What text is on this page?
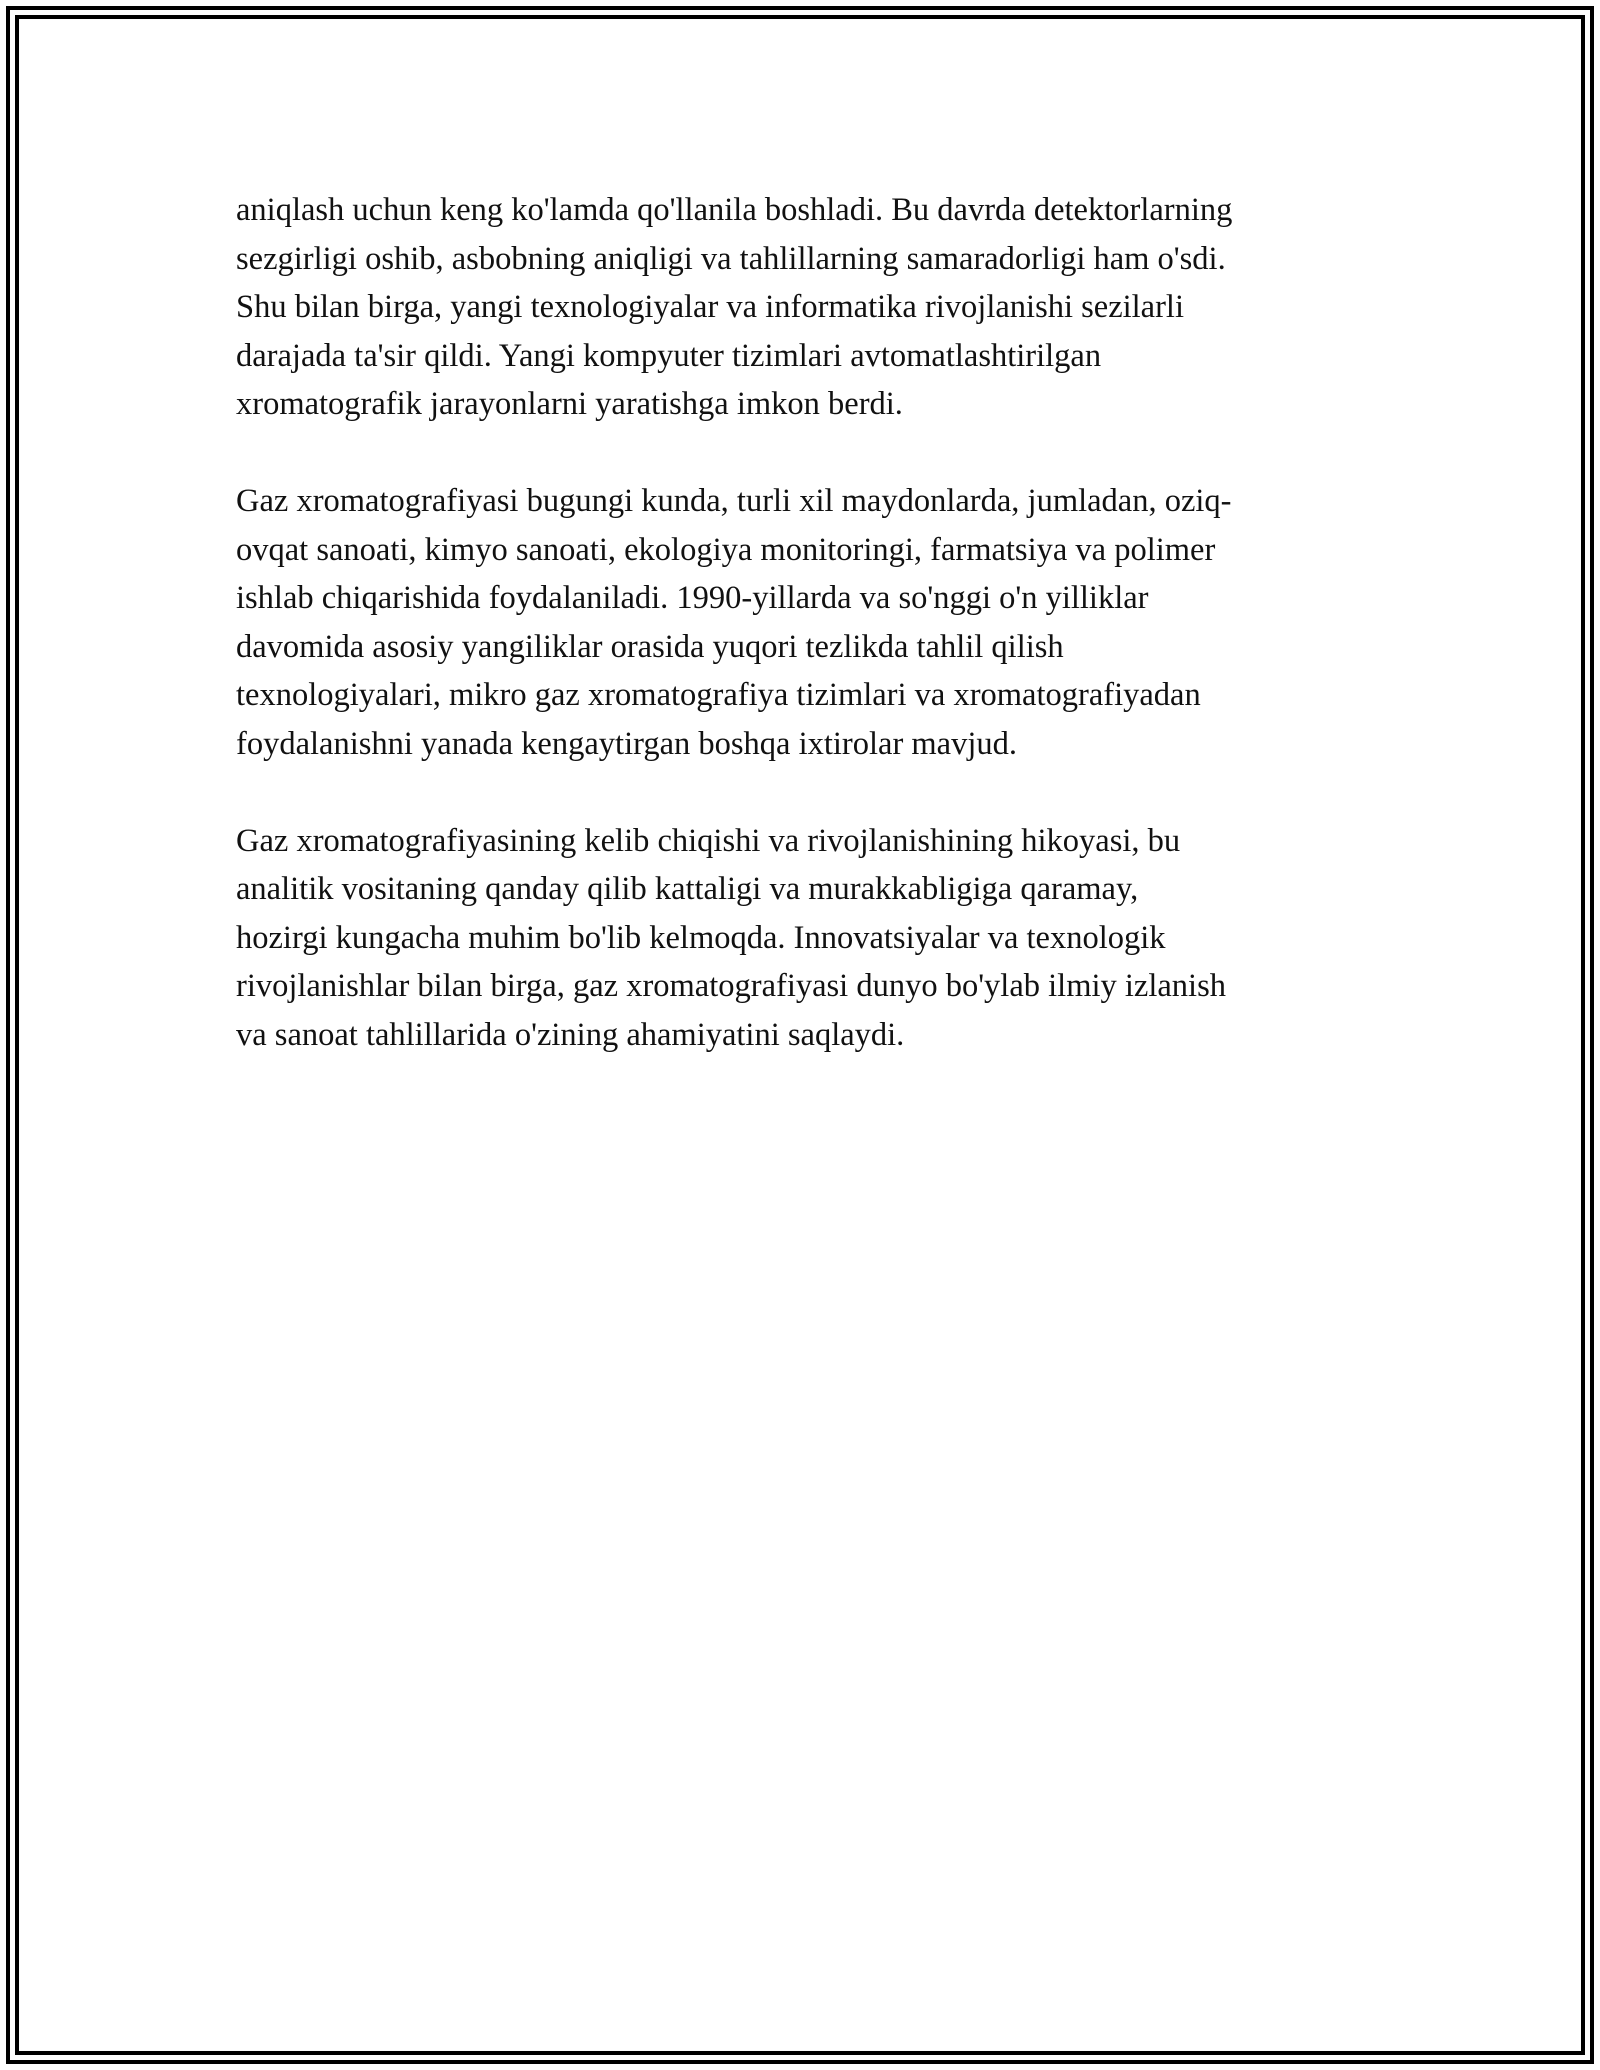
aniqlash uchun keng ko'lamda qo'llanila boshladi. Bu davrda detektorlarning
sezgirligi oshib, asbobning aniqligi va tahlillarning samaradorligi ham o'sdi.
Shu bilan birga, yangi texnologiyalar va informatika rivojlanishi sezilarli
darajada ta'sir qildi. Yangi kompyuter tizimlari avtomatlashtirilgan
xromatografik jarayonlarni yaratishga imkon berdi.

Gaz xromatografiyasi bugungi kunda, turli xil maydonlarda, jumladan, oziq-
ovqat sanoati, kimyo sanoati, ekologiya monitoringi, farmatsiya va polimer
ishlab chiqarishida foydalaniladi. 1990-yillarda va so'nggi o'n yilliklar
davomida asosiy yangiliklar orasida yuqori tezlikda tahlil qilish
texnologiyalari, mikro gaz xromatografiya tizimlari va xromatografiyadan
foydalanishni yanada kengaytirgan boshqa ixtirolar mavjud.

Gaz xromatografiyasining kelib chiqishi va rivojlanishining hikoyasi, bu
analitik vositaning qanday qilib kattaligi va murakkabligiga qaramay,
hozirgi kungacha muhim bo'lib kelmoqda. Innovatsiyalar va texnologik
rivojlanishlar bilan birga, gaz xromatografiyasi dunyo bo'ylab ilmiy izlanish
va sanoat tahlillarida o'zining ahamiyatini saqlaydi.
